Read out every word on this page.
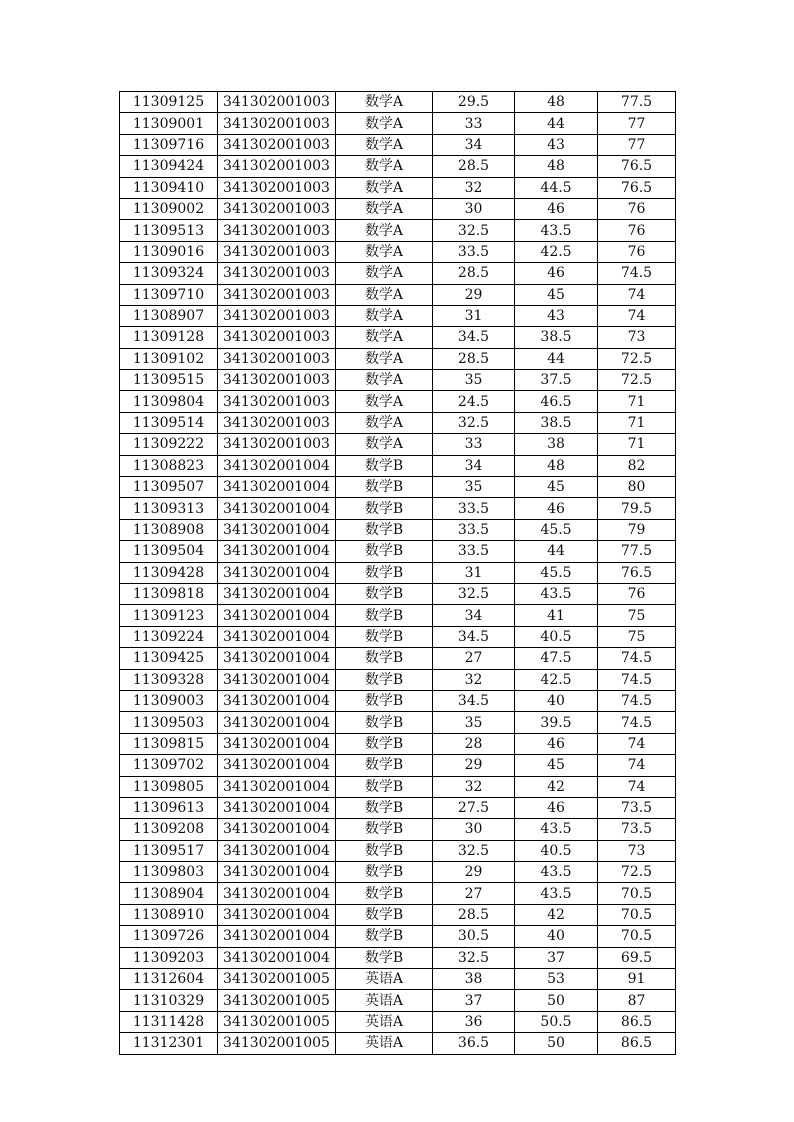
11309125	341302001003	数学A	29.5	48	77.5
11309001	341302001003	数学A	33	44	77
11309716	341302001003	数学A	34	43	77
11309424	341302001003	数学A	28.5	48	76.5
11309410	341302001003	数学A	32	44.5	76.5
11309002	341302001003	数学A	30	46	76
11309513	341302001003	数学A	32.5	43.5	76
11309016	341302001003	数学A	33.5	42.5	76
11309324	341302001003	数学A	28.5	46	74.5
11309710	341302001003	数学A	29	45	74
11308907	341302001003	数学A	31	43	74
11309128	341302001003	数学A	34.5	38.5	73
11309102	341302001003	数学A	28.5	44	72.5
11309515	341302001003	数学A	35	37.5	72.5
11309804	341302001003	数学A	24.5	46.5	71
11309514	341302001003	数学A	32.5	38.5	71
11309222	341302001003	数学A	33	38	71
11308823	341302001004	数学B	34	48	82
11309507	341302001004	数学B	35	45	80
11309313	341302001004	数学B	33.5	46	79.5
11308908	341302001004	数学B	33.5	45.5	79
11309504	341302001004	数学B	33.5	44	77.5
11309428	341302001004	数学B	31	45.5	76.5
11309818	341302001004	数学B	32.5	43.5	76
11309123	341302001004	数学B	34	41	75
11309224	341302001004	数学B	34.5	40.5	75
11309425	341302001004	数学B	27	47.5	74.5
11309328	341302001004	数学B	32	42.5	74.5
11309003	341302001004	数学B	34.5	40	74.5
11309503	341302001004	数学B	35	39.5	74.5
11309815	341302001004	数学B	28	46	74
11309702	341302001004	数学B	29	45	74
11309805	341302001004	数学B	32	42	74
11309613	341302001004	数学B	27.5	46	73.5
11309208	341302001004	数学B	30	43.5	73.5
11309517	341302001004	数学B	32.5	40.5	73
11309803	341302001004	数学B	29	43.5	72.5
11308904	341302001004	数学B	27	43.5	70.5
11308910	341302001004	数学B	28.5	42	70.5
11309726	341302001004	数学B	30.5	40	70.5
11309203	341302001004	数学B	32.5	37	69.5
11312604	341302001005	英语A	38	53	91
11310329	341302001005	英语A	37	50	87
11311428	341302001005	英语A	36	50.5	86.5
11312301	341302001005	英语A	36.5	50	86.5
